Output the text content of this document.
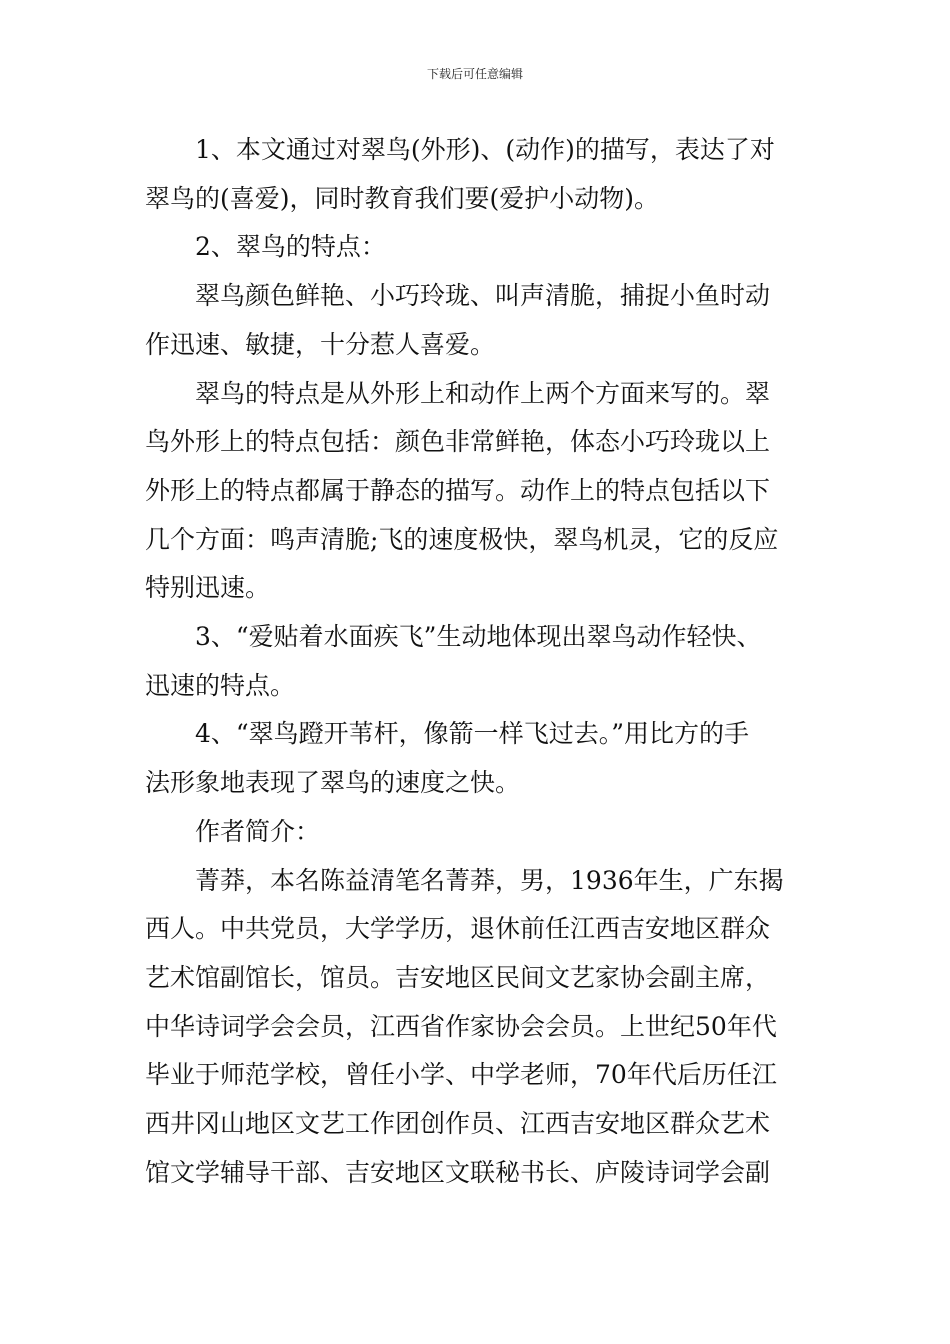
下载后可任意编辑

1、本文通过对翠鸟(外形)、(动作)的描写，表达了对
翠鸟的(喜爱)，同时教育我们要(爱护小动物)。

2、翠鸟的特点：

翠鸟颜色鲜艳、小巧玲珑、叫声清脆，捕捉小鱼时动
作迅速、敏捷，十分惹人喜爱。

翠鸟的特点是从外形上和动作上两个方面来写的。翠
鸟外形上的特点包括：颜色非常鲜艳，体态小巧玲珑以上
外形上的特点都属于静态的描写。动作上的特点包括以下
几个方面：鸣声清脆;飞的速度极快，翠鸟机灵，它的反应
特别迅速。

3、“爱贴着水面疾飞”生动地体现出翠鸟动作轻快、
迅速的特点。

4、“翠鸟蹬开苇杆，像箭一样飞过去。”用比方的手
法形象地表现了翠鸟的速度之快。

作者简介：

菁莽，本名陈益清笔名菁莽，男，1936年生，广东揭
西人。中共党员，大学学历，退休前任江西吉安地区群众
艺术馆副馆长，馆员。吉安地区民间文艺家协会副主席，
中华诗词学会会员，江西省作家协会会员。上世纪50年代
毕业于师范学校，曾任小学、中学老师，70年代后历任江
西井冈山地区文艺工作团创作员、江西吉安地区群众艺术
馆文学辅导干部、吉安地区文联秘书长、庐陵诗词学会副
